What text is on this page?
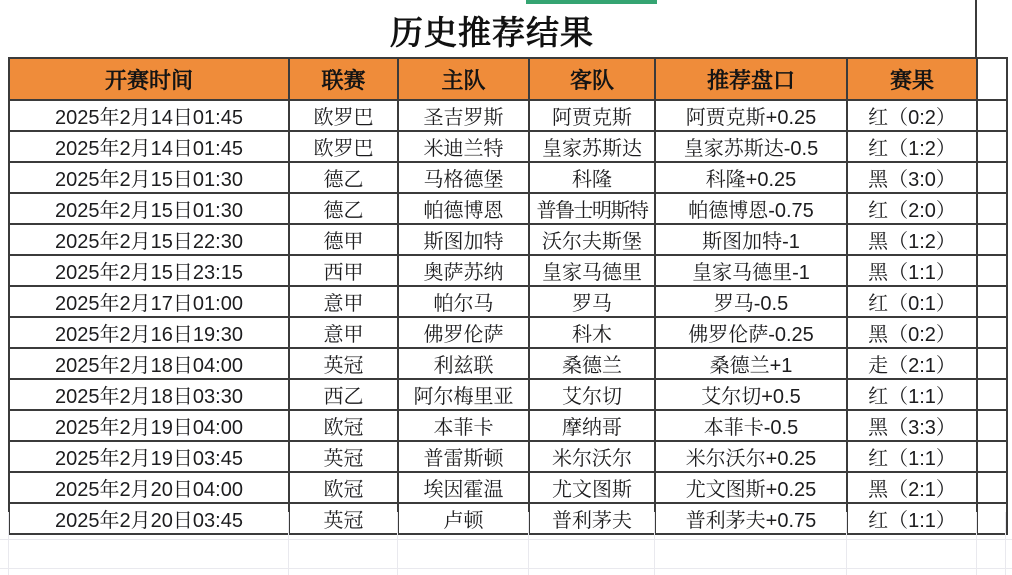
历史推荐结果
开赛时间	联赛	主队	客队	推荐盘口	赛果	
2025年2月14日01:45	欧罗巴	圣吉罗斯	阿贾克斯	阿贾克斯+0.25	红（0:2）	
2025年2月14日01:45	欧罗巴	米迪兰特	皇家苏斯达	皇家苏斯达-0.5	红（1:2）	
2025年2月15日01:30	德乙	马格德堡	科隆	科隆+0.25	黑（3:0）	
2025年2月15日01:30	德乙	帕德博恩	普鲁士明斯特	帕德博恩-0.75	红（2:0）	
2025年2月15日22:30	德甲	斯图加特	沃尔夫斯堡	斯图加特-1	黑（1:2）	
2025年2月15日23:15	西甲	奥萨苏纳	皇家马德里	皇家马德里-1	黑（1:1）	
2025年2月17日01:00	意甲	帕尔马	罗马	罗马-0.5	红（0:1）	
2025年2月16日19:30	意甲	佛罗伦萨	科木	佛罗伦萨-0.25	黑（0:2）	
2025年2月18日04:00	英冠	利兹联	桑德兰	桑德兰+1	走（2:1）	
2025年2月18日03:30	西乙	阿尔梅里亚	艾尔切	艾尔切+0.5	红（1:1）	
2025年2月19日04:00	欧冠	本菲卡	摩纳哥	本菲卡-0.5	黑（3:3）	
2025年2月19日03:45	英冠	普雷斯顿	米尔沃尔	米尔沃尔+0.25	红（1:1）	
2025年2月20日04:00	欧冠	埃因霍温	尤文图斯	尤文图斯+0.25	黑（2:1）	
2025年2月20日03:45	英冠	卢顿	普利茅夫	普利茅夫+0.75	红（1:1）	
